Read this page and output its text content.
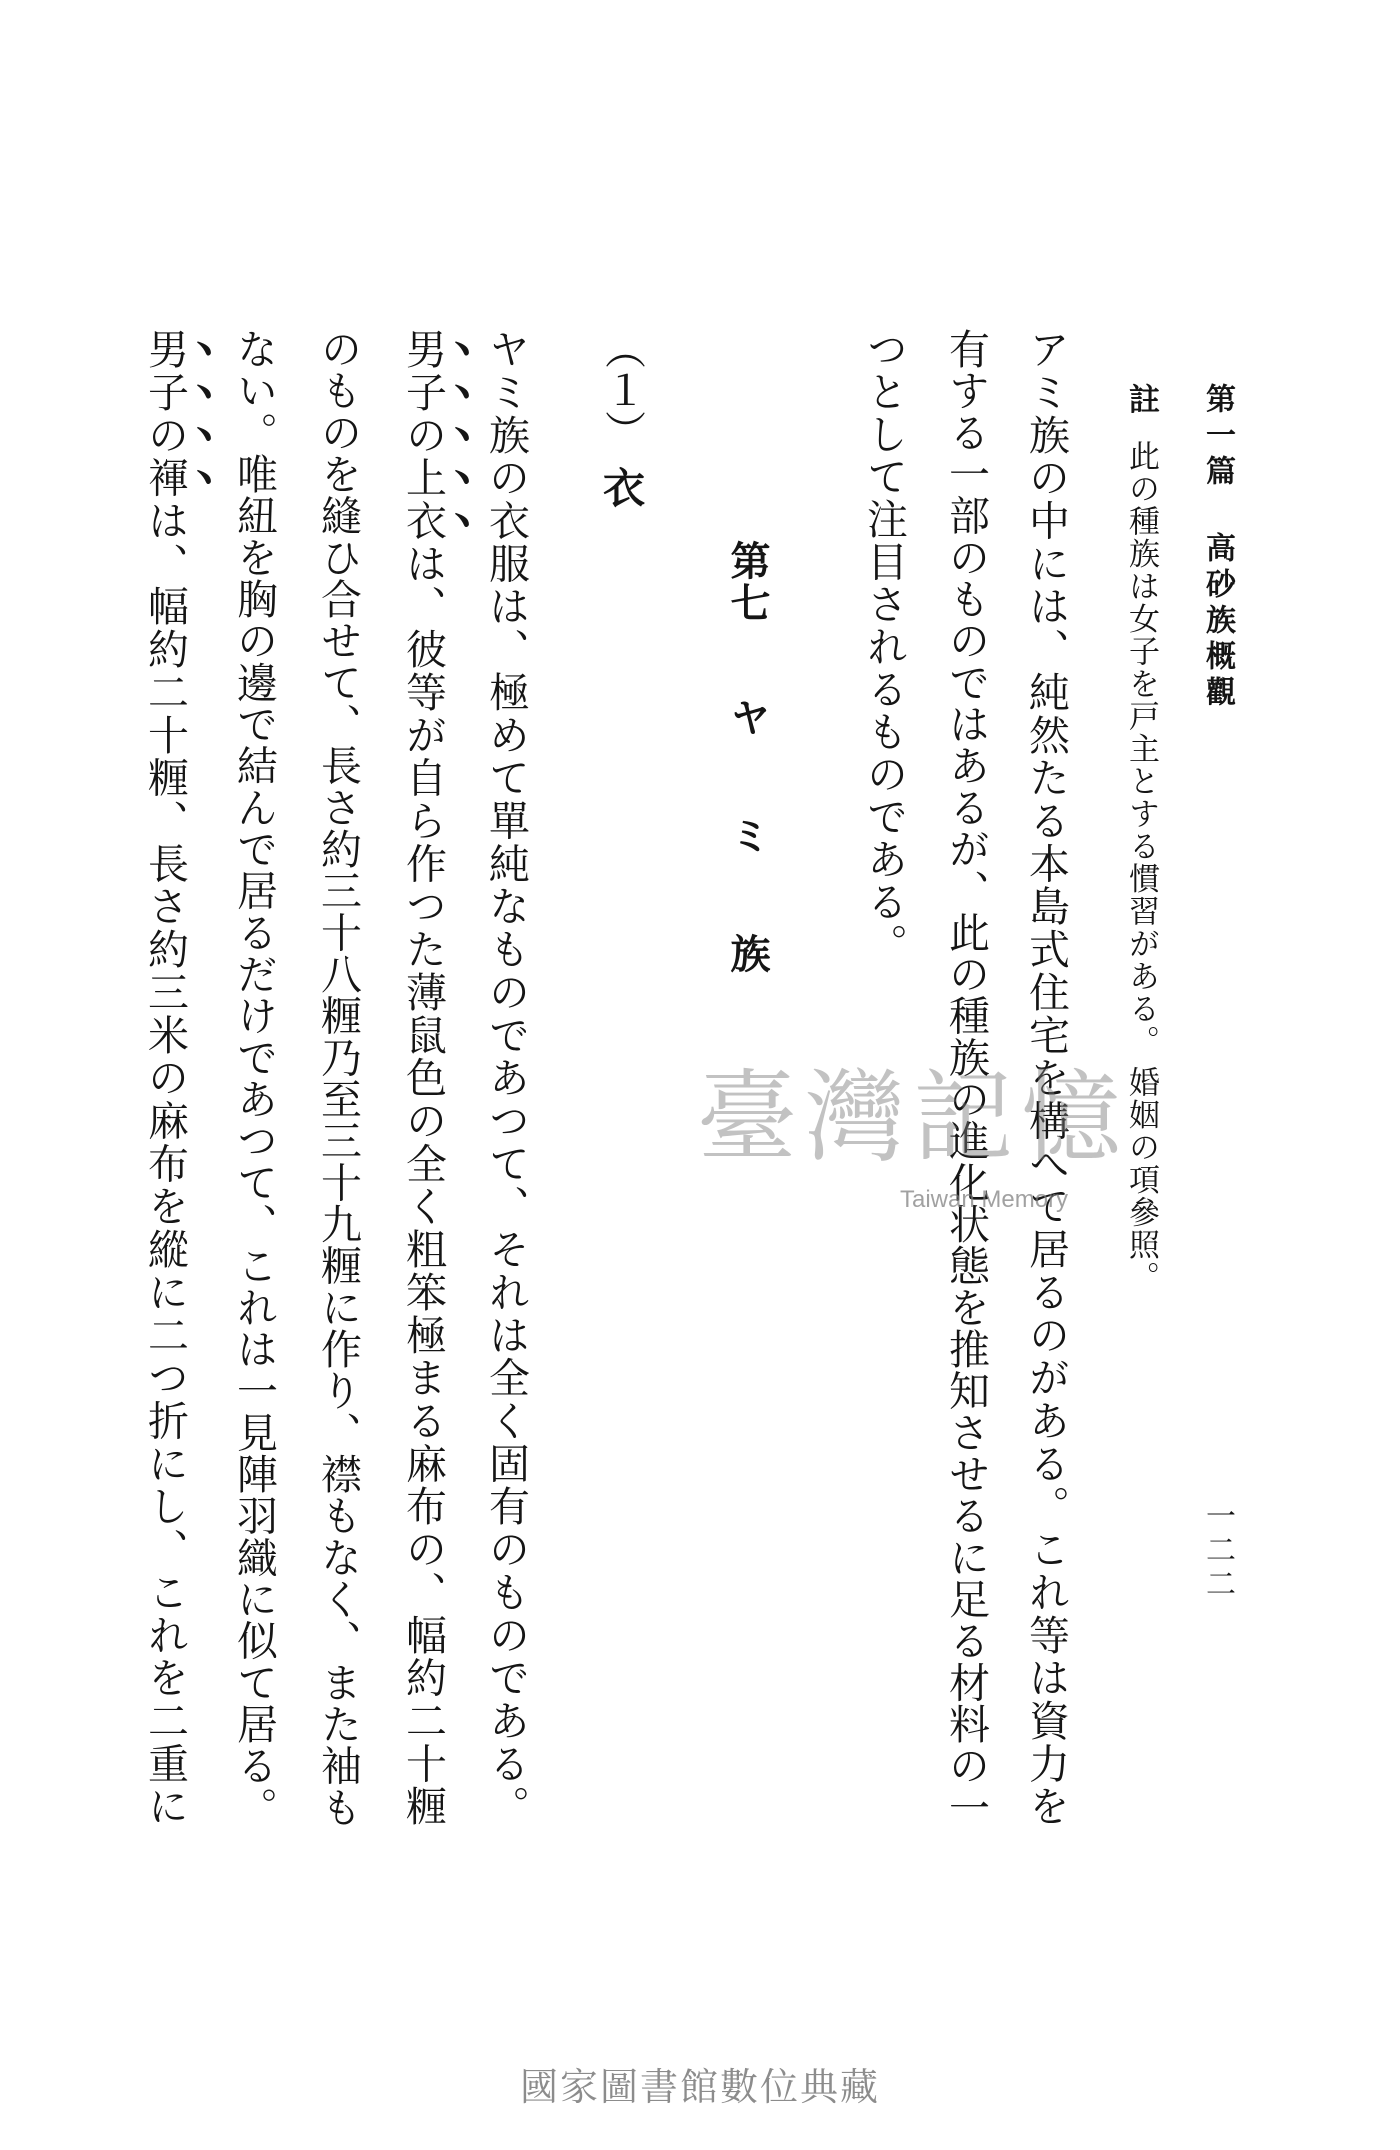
第一篇
高砂族概觀
一二二
註
此の種族は女子を戸主とする慣習がある。婚姻の項參照。
アミ族の中には、純然たる本島式住宅を構へて居るのがある。これ等は資力を
有する一部のものではあるが、此の種族の進化状態を推知させるに足る材料の一
つとして注目されるものである。
第七
ヤミ族
（１）
衣
ヤミ族の衣服は、極めて單純なものであつて、それは全く固有のものである。
男子の上衣は、彼等が自ら作つた薄鼠色の全く粗笨極まる麻布の、幅約二十糎
のものを縫ひ合せて、長さ約三十八糎乃至三十九糎に作り、襟もなく、また袖も
ない。唯紐を胸の邊で結んで居るだけであつて、これは一見陣羽織に似て居る。
男子の褌は、幅約二十糎、長さ約三米の麻布を縱に二つ折にし、これを二重に	臺灣記憶
Taiwan Memory
國家圖書館數位典藏
